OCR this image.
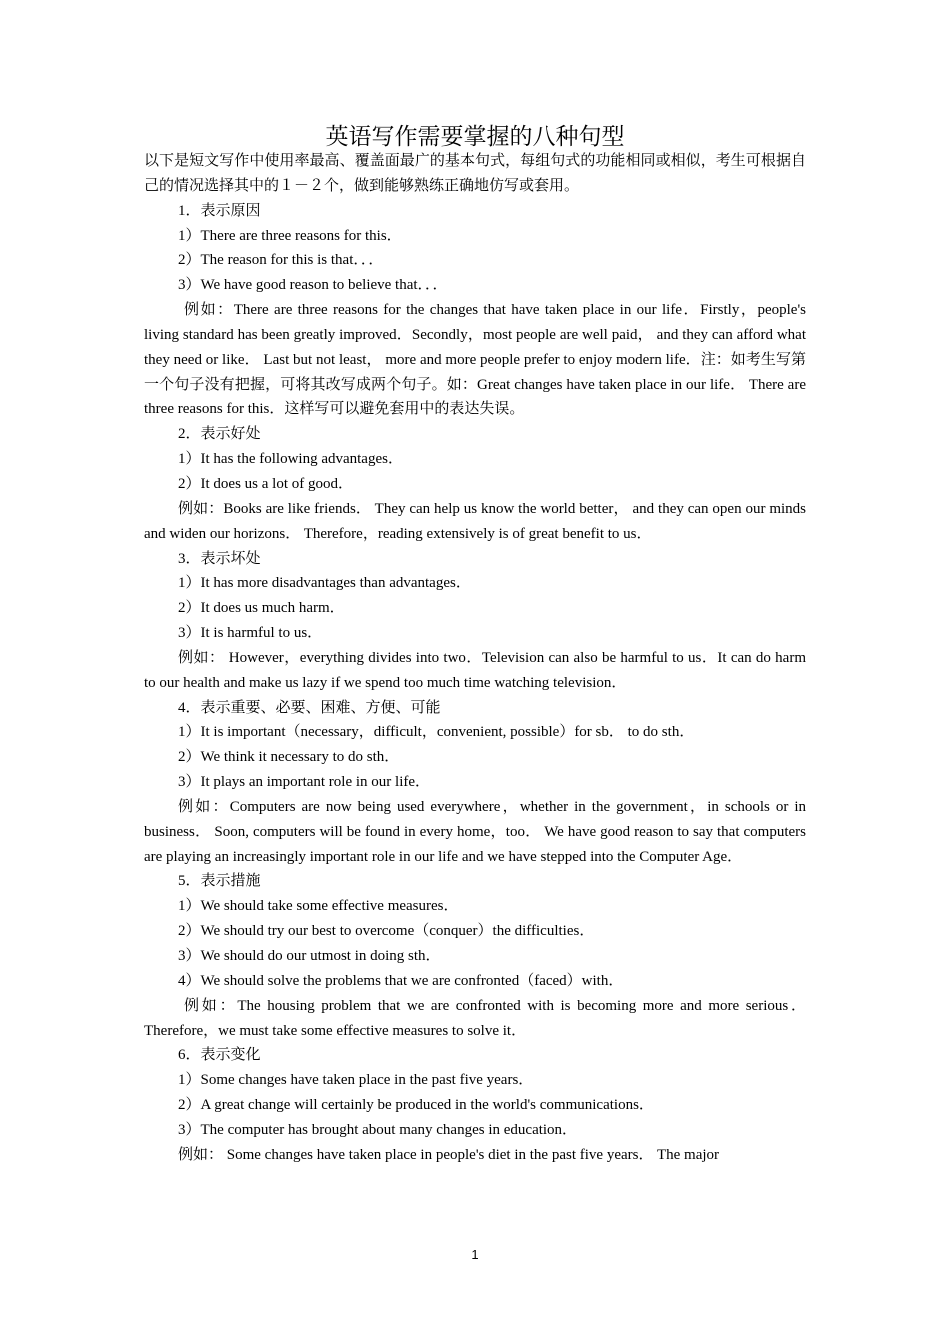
英语写作需要掌握的八种句型

以下是短文写作中使用率最高、覆盖面最广的基本句式，每组句式的功能相同或相似，考生可根据自己的情况选择其中的１－２个，做到能够熟练正确地仿写或套用。

1．表示原因

1）There are three reasons for this．

2）The reason for this is that．．．

3）We have good reason to believe that．．．

例如：There are three reasons for the changes that have taken place in our life．Firstly，people's living standard has been greatly improved．Secondly，most people are well paid， and they can afford what they need or like． Last but not least， more and more people prefer to enjoy modern life．注：如考生写第一个句子没有把握，可将其改写成两个句子。如：Great changes have taken place in our life． There are three reasons for this．这样写可以避免套用中的表达失误。

2．表示好处

1）It has the following advantages．

2）It does us a lot of good．

例如：Books are like friends． They can help us know the world better， and they can open our minds and widen our horizons． Therefore，reading extensively is of great benefit to us．

3．表示坏处

1）It has more disadvantages than advantages．

2）It does us much harm．

3）It is harmful to us．

例如： However，everything divides into two．Television can also be harmful to us．It can do harm to our health and make us lazy if we spend too much time watching television．

4．表示重要、必要、困难、方便、可能

1）It is important（necessary，difficult，convenient, possible）for sb． to do sth．

2）We think it necessary to do sth．

3）It plays an important role in our life．

例如：Computers are now being used everywhere，whether in the government，in schools or in business． Soon, computers will be found in every home，too． We have good reason to say that computers are playing an increasingly important role in our life and we have stepped into the Computer Age．

5．表示措施

1）We should take some effective measures．

2）We should try our best to overcome（conquer）the difficulties．

3）We should do our utmost in doing sth．

4）We should solve the problems that we are confronted（faced）with．

例如：The housing problem that we are confronted with is becoming more and more serious． Therefore，we must take some effective measures to solve it．

6．表示变化

1）Some changes have taken place in the past five years．

2）A great change will certainly be produced in the world's communications．

3）The computer has brought about many changes in education．

例如： Some changes have taken place in people's diet in the past five years． The major

1
